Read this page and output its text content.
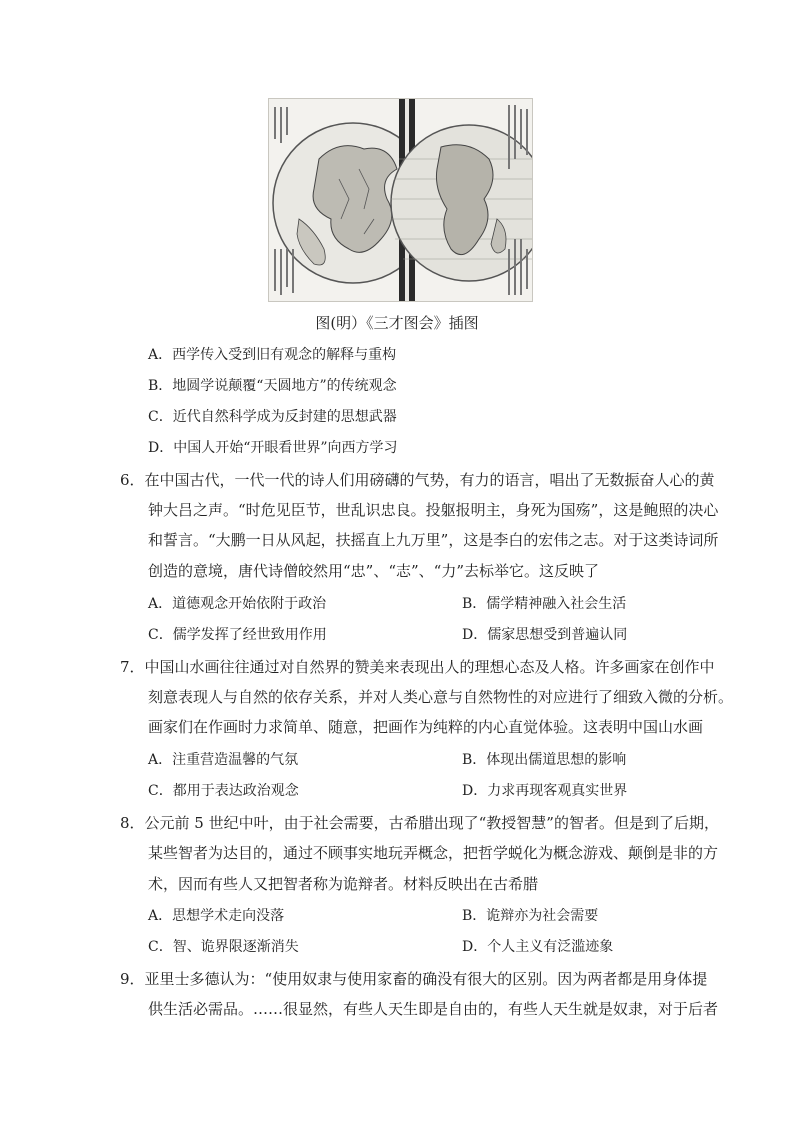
图(明）《三才图会》插图
A．西学传入受到旧有观念的解释与重构
B．地圆学说颠覆“天圆地方”的传统观念
C．近代自然科学成为反封建的思想武器
D．中国人开始“开眼看世界”向西方学习
6．在中国古代，一代一代的诗人们用磅礴的气势，有力的语言，唱出了无数振奋人心的黄
钟大吕之声。“时危见臣节，世乱识忠良。投躯报明主，身死为国殇”，这是鲍照的决心
和誓言。“大鹏一日从风起，扶摇直上九万里”，这是李白的宏伟之志。对于这类诗词所
创造的意境，唐代诗僧皎然用“忠”、“志”、“力”去标举它。这反映了
A．道德观念开始依附于政治	B．儒学精神融入社会生活
C．儒学发挥了经世致用作用	D．儒家思想受到普遍认同
7．中国山水画往往通过对自然界的赞美来表现出人的理想心态及人格。许多画家在创作中
刻意表现人与自然的依存关系，并对人类心意与自然物性的对应进行了细致入微的分析。
画家们在作画时力求简单、随意，把画作为纯粹的内心直觉体验。这表明中国山水画
A．注重营造温馨的气氛	B．体现出儒道思想的影响
C．都用于表达政治观念	D．力求再现客观真实世界
8．公元前 5 世纪中叶，由于社会需要，古希腊出现了“教授智慧”的智者。但是到了后期，
某些智者为达目的，通过不顾事实地玩弄概念，把哲学蜕化为概念游戏、颠倒是非的方
术，因而有些人又把智者称为诡辩者。材料反映出在古希腊
A．思想学术走向没落	B．诡辩亦为社会需要
C．智、诡界限逐渐消失	D．个人主义有泛滥迹象
9．亚里士多德认为：“使用奴隶与使用家畜的确没有很大的区别。因为两者都是用身体提
供生活必需品。……很显然，有些人天生即是自由的，有些人天生就是奴隶，对于后者
